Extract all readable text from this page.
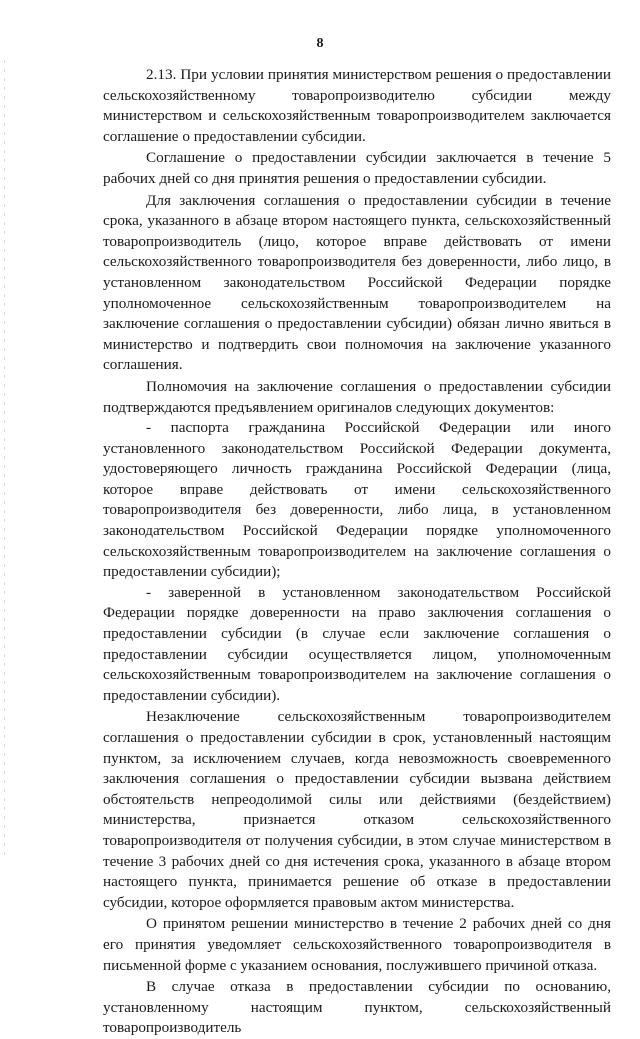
8

2.13. При условии принятия министерством решения о предоставлении сельскохозяйственному товаропроизводителю субсидии между министерством и сельскохозяйственным товаропроизводителем заключается соглашение о предоставлении субсидии.

Соглашение о предоставлении субсидии заключается в течение 5 рабочих дней со дня принятия решения о предоставлении субсидии.

Для заключения соглашения о предоставлении субсидии в течение срока, указанного в абзаце втором настоящего пункта, сельскохозяйственный товаропроизводитель (лицо, которое вправе действовать от имени сельскохозяйственного товаропроизводителя без доверенности, либо лицо, в установленном законодательством Российской Федерации порядке уполномоченное сельскохозяйственным товаропроизводителем на заключение соглашения о предоставлении субсидии) обязан лично явиться в министерство и подтвердить свои полномочия на заключение указанного соглашения.

Полномочия на заключение соглашения о предоставлении субсидии подтверждаются предъявлением оригиналов следующих документов:

- паспорта гражданина Российской Федерации или иного установленного законодательством Российской Федерации документа, удостоверяющего личность гражданина Российской Федерации (лица, которое вправе действовать от имени сельскохозяйственного товаропроизводителя без доверенности, либо лица, в установленном законодательством Российской Федерации порядке уполномоченного сельскохозяйственным товаропроизводителем на заключение соглашения о предоставлении субсидии);

- заверенной в установленном законодательством Российской Федерации порядке доверенности на право заключения соглашения о предоставлении субсидии (в случае если заключение соглашения о предоставлении субсидии осуществляется лицом, уполномоченным сельскохозяйственным товаропроизводителем на заключение соглашения о предоставлении субсидии).

Незаключение сельскохозяйственным товаропроизводителем соглашения о предоставлении субсидии в срок, установленный настоящим пунктом, за исключением случаев, когда невозможность своевременного заключения соглашения о предоставлении субсидии вызвана действием обстоятельств непреодолимой силы или действиями (бездействием) министерства, признается отказом сельскохозяйственного товаропроизводителя от получения субсидии, в этом случае министерством в течение 3 рабочих дней со дня истечения срока, указанного в абзаце втором настоящего пункта, принимается решение об отказе в предоставлении субсидии, которое оформляется правовым актом министерства.

О принятом решении министерство в течение 2 рабочих дней со дня его принятия уведомляет сельскохозяйственного товаропроизводителя в письменной форме с указанием основания, послужившего причиной отказа.

В случае отказа в предоставлении субсидии по основанию, установленному настоящим пунктом, сельскохозяйственный товаропроизводитель
